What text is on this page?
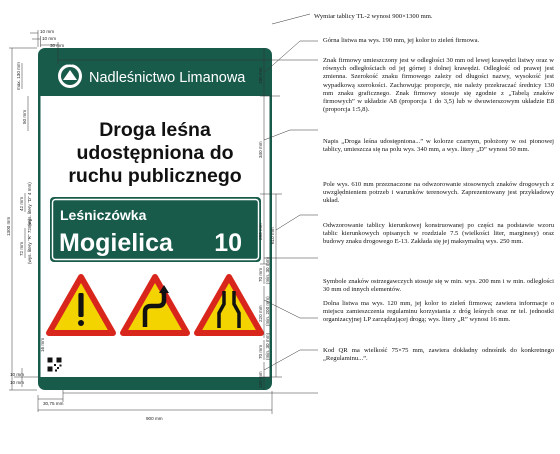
LASY PAŃSTWOWE
Nadleśnictwo Limanowa
Droga leśna
udostępniona do
ruchu publicznego
Leśniczówka
Mogielica 10
Regulamin korzystania z dróg leśnych dostępny na stronie:
www.limanowa.krakow.lasy.gov.pl
tel.: +48 18 337 21 16
10 mm
10 mm
30 mm
max. 130 mm
50 mm
1300 mm
42 mm (wys. litery "D" 4 mm)
72 mm (wys. litery "R" 72mm)
16 mm
10 mm
10 mm
190 mm
340 mm
250 mm 610 mm
70 mm (min. 30 mm)
220 mm (min. 200 mm)
70 mm (min. 30 mm)
120 mm
30,75 mm
900 mm

Wymiar tablicy TL-2 wynosi 900×1300 mm.

Górna listwa ma wys. 190 mm, jej kolor to zieleń firmowa.

Znak firmowy umieszczony jest w odległości 30 mm od lewej krawędzi listwy oraz w równych odległościach od jej górnej i dolnej krawędzi. Odległość od prawej jest zmienna. Szerokość znaku firmowego zależy od długości nazwy, wysokość jest wypadkową szerokości. Zachowując proporcje, nie należy przekraczać średnicy 130 mm znaku graficznego. Znak firmowy stosuje się zgodnie z „Tabelą znaków firmowych” w układzie A8 (proporcja 1 do 3,5) lub w dwuwierszowym układzie E8 (proporcja 1:5,8).

Napis „Droga leśna udostępniona...” w kolorze czarnym, położony w osi pionowej tablicy, umieszcza się na polu wys. 340 mm, a wys. litery „D” wynosi 50 mm.

Pole wys. 610 mm przeznaczone na odwzorowanie stosownych znaków drogowych z uwzględnieniem potrzeb i warunków terenowych. Zaprezentowany jest przykładowy układ.

Odwzorowanie tablicy kierunkowej konstruowanej po części na podstawie wzoru tablic kierunkowych opisanych w rozdziale 7.5 (wielkości liter, marginesy) oraz budowy znaku drogowego E-13. Zakłada się jej maksymalną wys. 250 mm.

Symbole znaków ostrzegawczych stosuje się w min. wys. 200 mm i w min. odległości 30 mm od innych elementów.

Dolna listwa ma wys. 120 mm, jej kolor to zieleń firmowa; zawiera informacje o miejscu zamieszczenia regulaminu korzystania z dróg leśnych oraz nr tel. jednostki organizacyjnej LP zarządzającej drogą; wys. litery „R” wynosi 16 mm.

Kod QR ma wielkość 75×75 mm, zawiera dokładny odnośnik do konkretnego „Regulaminu...”.
